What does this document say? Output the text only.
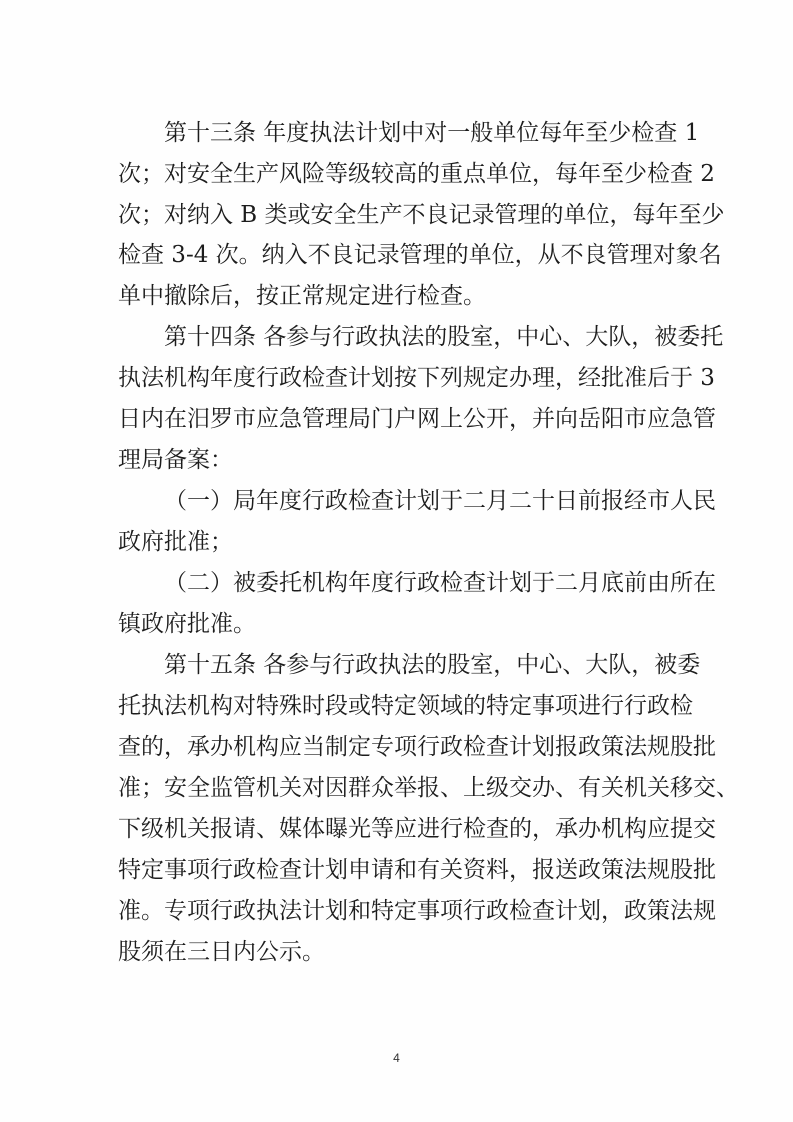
第十三条 年度执法计划中对一般单位每年至少检查 1
次；对安全生产风险等级较高的重点单位，每年至少检查 2
次；对纳入 B 类或安全生产不良记录管理的单位，每年至少
检查 3-4 次。纳入不良记录管理的单位，从不良管理对象名
单中撤除后，按正常规定进行检查。
第十四条 各参与行政执法的股室，中心、大队，被委托
执法机构年度行政检查计划按下列规定办理，经批准后于 3
日内在汨罗市应急管理局门户网上公开，并向岳阳市应急管
理局备案：
（一）局年度行政检查计划于二月二十日前报经市人民
政府批准；
（二）被委托机构年度行政检查计划于二月底前由所在
镇政府批准。
第十五条 各参与行政执法的股室，中心、大队，被委
托执法机构对特殊时段或特定领域的特定事项进行行政检
查的，承办机构应当制定专项行政检查计划报政策法规股批
准；安全监管机关对因群众举报、上级交办、有关机关移交、
下级机关报请、媒体曝光等应进行检查的，承办机构应提交
特定事项行政检查计划申请和有关资料，报送政策法规股批
准。专项行政执法计划和特定事项行政检查计划，政策法规
股须在三日内公示。
4
